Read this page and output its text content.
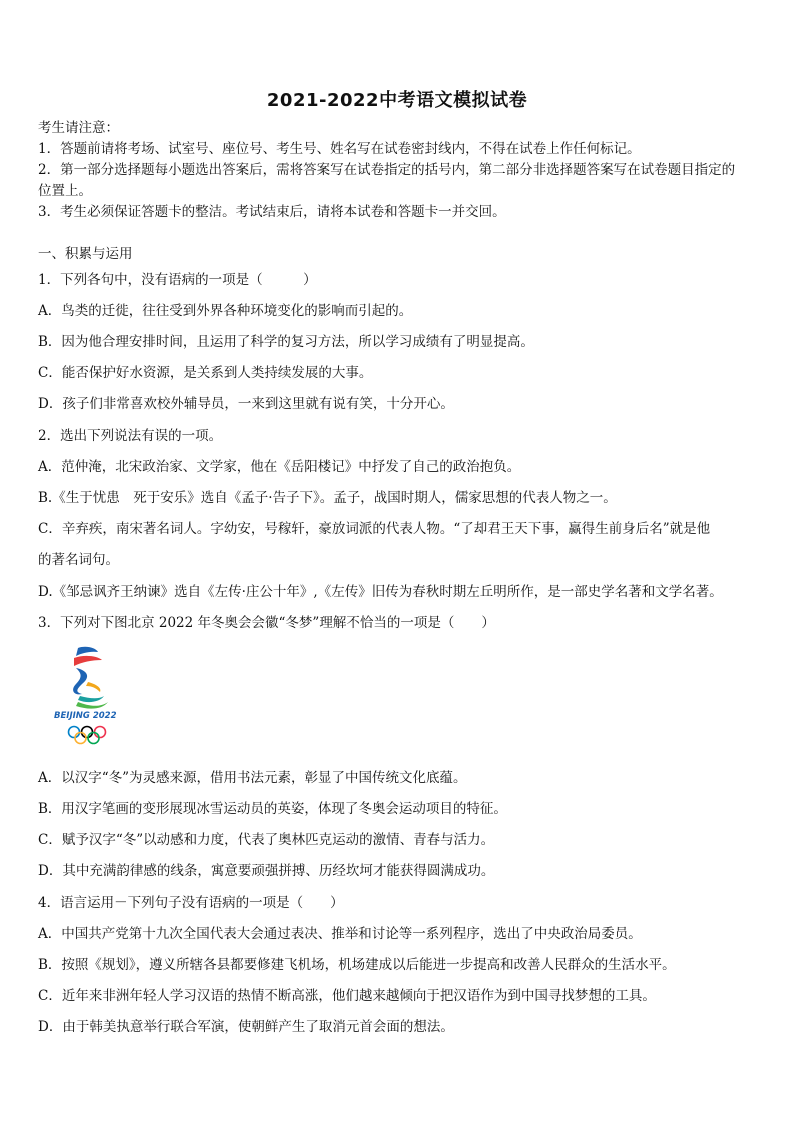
2021-2022中考语文模拟试卷
考生请注意：
1．答题前请将考场、试室号、座位号、考生号、姓名写在试卷密封线内，不得在试卷上作任何标记。
2．第一部分选择题每小题选出答案后，需将答案写在试卷指定的括号内，第二部分非选择题答案写在试卷题目指定的
位置上。
3．考生必须保证答题卡的整洁。考试结束后，请将本试卷和答题卡一并交回。
一、积累与运用
1．下列各句中，没有语病的一项是（　　　）
A．鸟类的迁徙，往往受到外界各种环境变化的影响而引起的。
B．因为他合理安排时间，且运用了科学的复习方法，所以学习成绩有了明显提高。
C．能否保护好水资源，是关系到人类持续发展的大事。
D．孩子们非常喜欢校外辅导员，一来到这里就有说有笑，十分开心。
2．选出下列说法有误的一项。
A．范仲淹，北宋政治家、文学家，他在《岳阳楼记》中抒发了自己的政治抱负。
B.《生于忧患　死于安乐》选自《孟子·告子下》。孟子，战国时期人，儒家思想的代表人物之一。
C．辛弃疾，南宋著名词人。字幼安，号稼轩，豪放词派的代表人物。“了却君王天下事，赢得生前身后名”就是他
的著名词句。
D.《邹忌讽齐王纳谏》选自《左传·庄公十年》,《左传》旧传为春秋时期左丘明所作，是一部史学名著和文学名著。
3．下列对下图北京 2022 年冬奥会会徽“冬梦”理解不恰当的一项是（　　）
BEIJING 2022
A．以汉字“冬”为灵感来源，借用书法元素，彰显了中国传统文化底蕴。
B．用汉字笔画的变形展现冰雪运动员的英姿，体现了冬奥会运动项目的特征。
C．赋予汉字“冬”以动感和力度，代表了奥林匹克运动的激情、青春与活力。
D．其中充满韵律感的线条，寓意要顽强拼搏、历经坎坷才能获得圆满成功。
4．语言运用－下列句子没有语病的一项是（　　）
A．中国共产党第十九次全国代表大会通过表决、推举和讨论等一系列程序，选出了中央政治局委员。
B．按照《规划》，遵义所辖各县都要修建飞机场，机场建成以后能进一步提高和改善人民群众的生活水平。
C．近年来非洲年轻人学习汉语的热情不断高涨，他们越来越倾向于把汉语作为到中国寻找梦想的工具。
D．由于韩美执意举行联合军演，使朝鲜产生了取消元首会面的想法。
